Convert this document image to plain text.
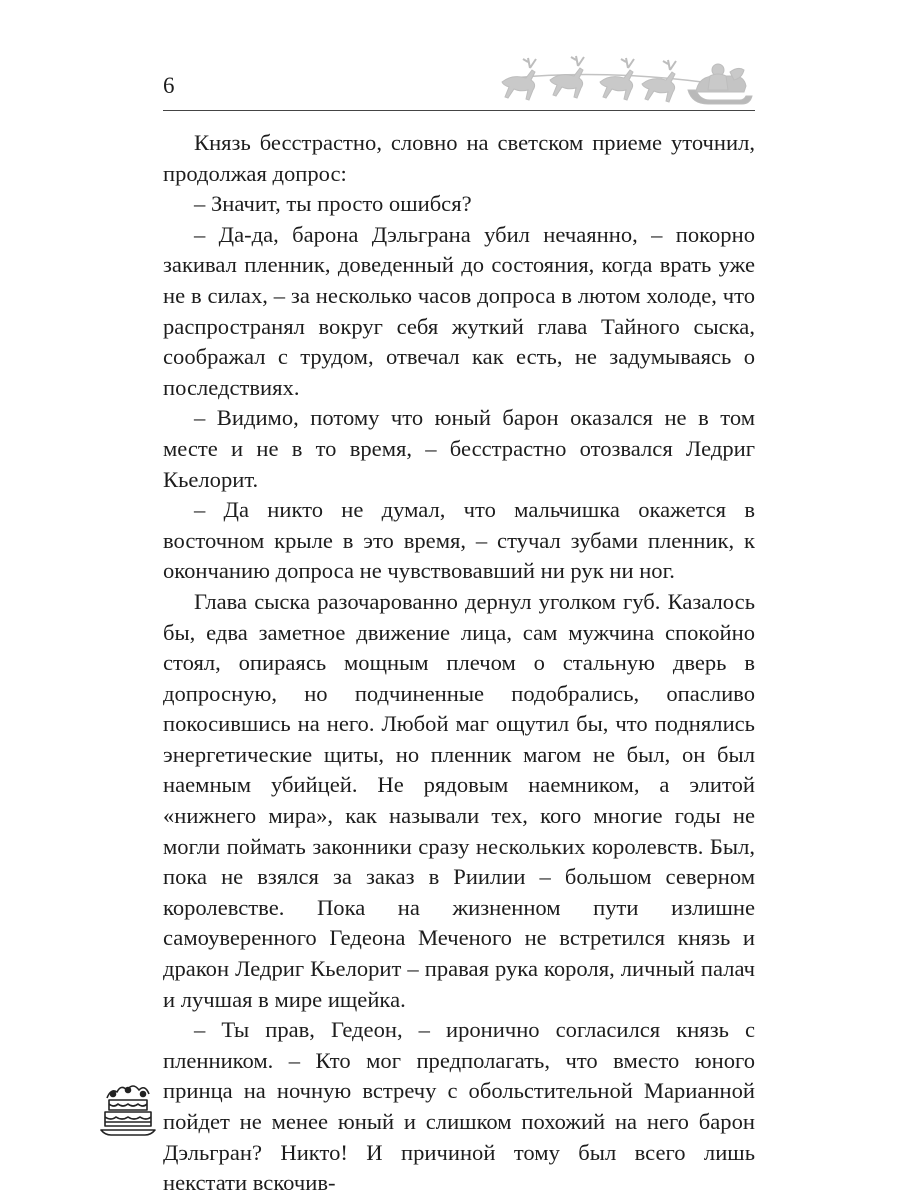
6

Князь бесстрастно, словно на светском приеме уточнил, продолжая допрос:

– Значит, ты просто ошибся?

– Да-да, барона Дэльграна убил нечаянно, – покорно закивал пленник, доведенный до состояния, когда врать уже не в силах, – за несколько часов допроса в лютом холоде, что распространял вокруг себя жуткий глава Тайного сыска, соображал с трудом, отвечал как есть, не задумываясь о последствиях.

– Видимо, потому что юный барон оказался не в том месте и не в то время, – бесстрастно отозвался Ледриг Кьелорит.

– Да никто не думал, что мальчишка окажется в восточном крыле в это время, – стучал зубами пленник, к окончанию допроса не чувствовавший ни рук ни ног.

Глава сыска разочарованно дернул уголком губ. Казалось бы, едва заметное движение лица, сам мужчина спокойно стоял, опираясь мощным плечом о стальную дверь в допросную, но подчиненные подобрались, опасливо покосившись на него. Любой маг ощутил бы, что поднялись энергетические щиты, но пленник магом не был, он был наемным убийцей. Не рядовым наемником, а элитой «нижнего мира», как называли тех, кого многие годы не могли поймать законники сразу нескольких королевств. Был, пока не взялся за заказ в Риилии – большом северном королевстве. Пока на жизненном пути излишне самоуверенного Гедеона Меченого не встретился князь и дракон Ледриг Кьелорит – правая рука короля, личный палач и лучшая в мире ищейка.

– Ты прав, Гедеон, – иронично согласился князь с пленником. – Кто мог предполагать, что вместо юного принца на ночную встречу с обольстительной Марианной пойдет не менее юный и слишком похожий на него барон Дэльгран? Никто! И причиной тому был всего лишь некстати вскочив-
